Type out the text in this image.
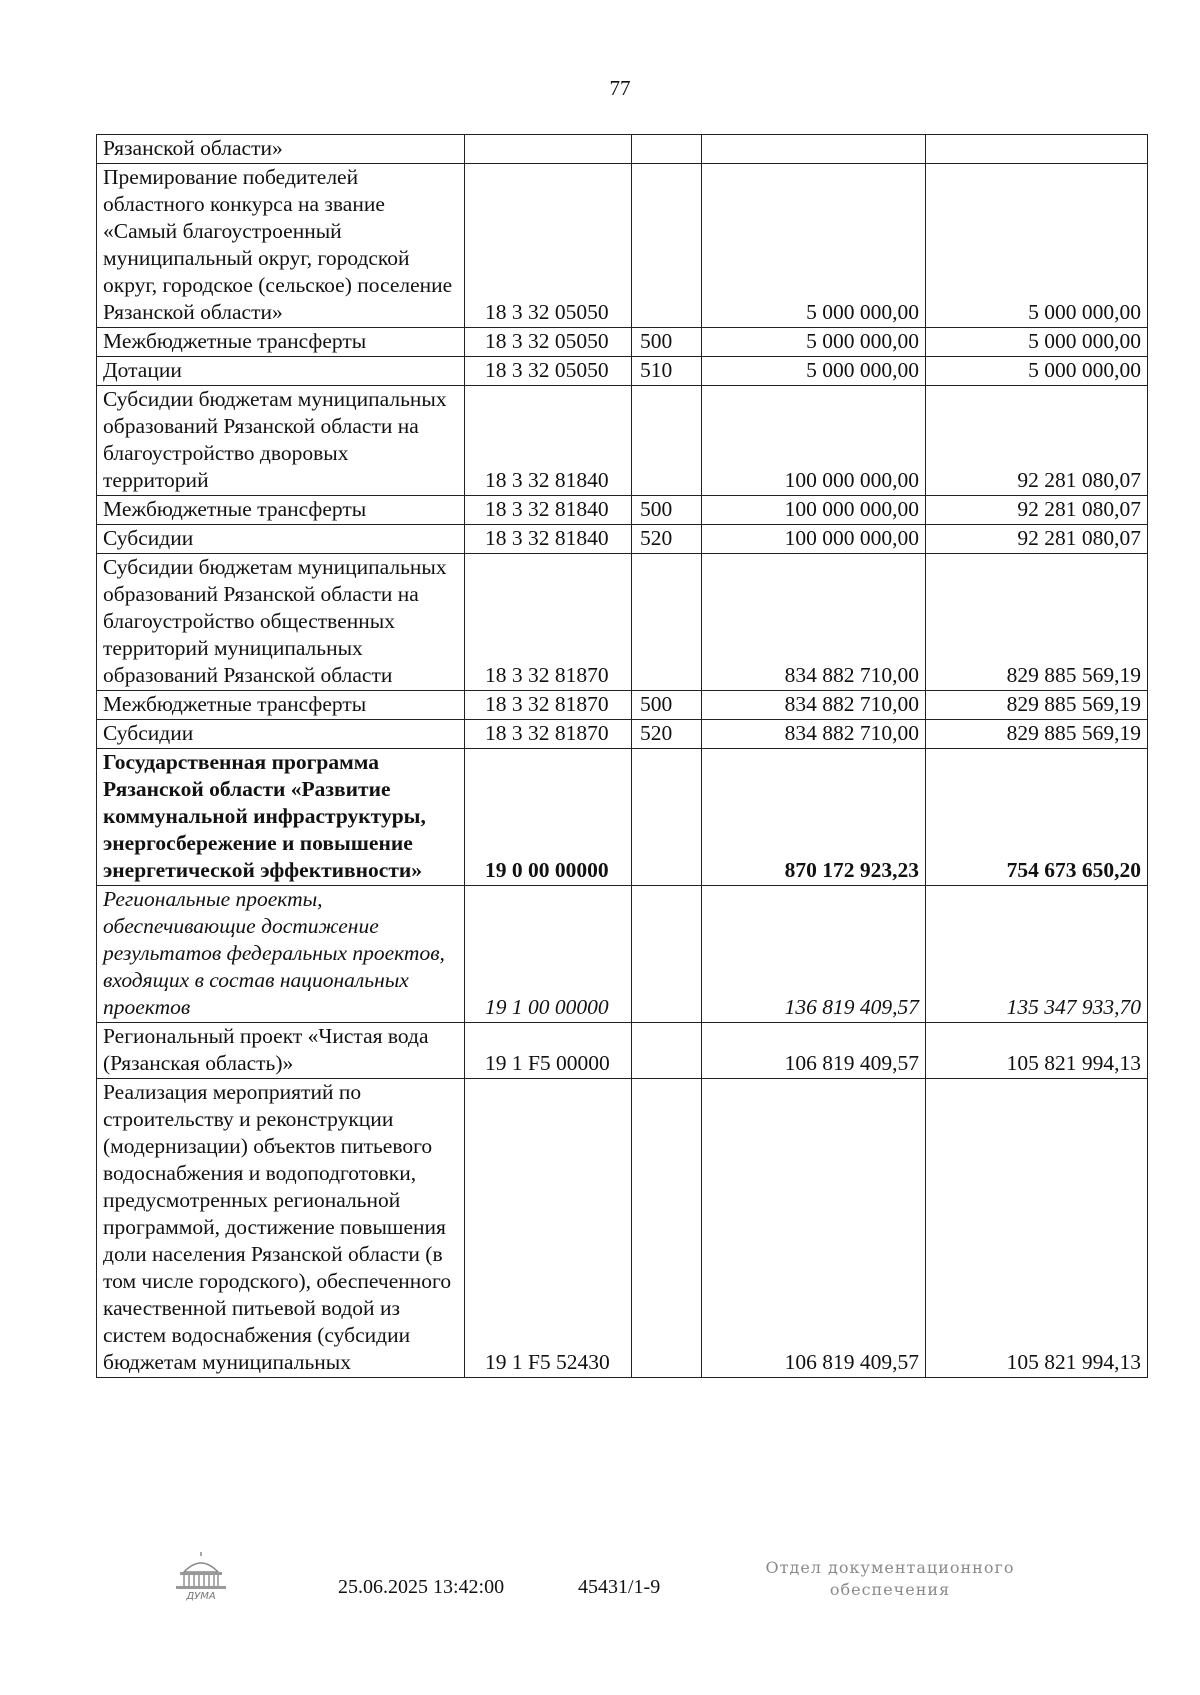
77
Рязанской области»				
Премирование победителей областного конкурса на звание «Самый благоустроенный муниципальный округ, городской округ, городское (сельское) поселение Рязанской области»	18 3 32 05050		5 000 000,00	5 000 000,00
Межбюджетные трансферты	18 3 32 05050	500	5 000 000,00	5 000 000,00
Дотации	18 3 32 05050	510	5 000 000,00	5 000 000,00
Субсидии бюджетам муниципальных образований Рязанской области на благоустройство дворовых территорий	18 3 32 81840		100 000 000,00	92 281 080,07
Межбюджетные трансферты	18 3 32 81840	500	100 000 000,00	92 281 080,07
Субсидии	18 3 32 81840	520	100 000 000,00	92 281 080,07
Субсидии бюджетам муниципальных образований Рязанской области на благоустройство общественных территорий муниципальных образований Рязанской области	18 3 32 81870		834 882 710,00	829 885 569,19
Межбюджетные трансферты	18 3 32 81870	500	834 882 710,00	829 885 569,19
Субсидии	18 3 32 81870	520	834 882 710,00	829 885 569,19
Государственная программа Рязанской области «Развитие коммунальной инфраструктуры, энергосбережение и повышение энергетической эффективности»	19 0 00 00000		870 172 923,23	754 673 650,20
Региональные проекты, обеспечивающие достижение результатов федеральных проектов, входящих в состав национальных проектов	19 1 00 00000		136 819 409,57	135 347 933,70
Региональный проект «Чистая вода (Рязанская область)»	19 1 F5 00000		106 819 409,57	105 821 994,13
Реализация мероприятий по строительству и реконструкции (модернизации) объектов питьевого водоснабжения и водоподготовки, предусмотренных региональной программой, достижение повышения доли населения Рязанской области (в том числе городского), обеспеченного качественной питьевой водой из систем водоснабжения (субсидии бюджетам муниципальных	19 1 F5 52430		106 819 409,57	105 821 994,13
ДУМА	25.06.2025 13:42:00	45431/1-9
Отдел документационного
обеспечения
